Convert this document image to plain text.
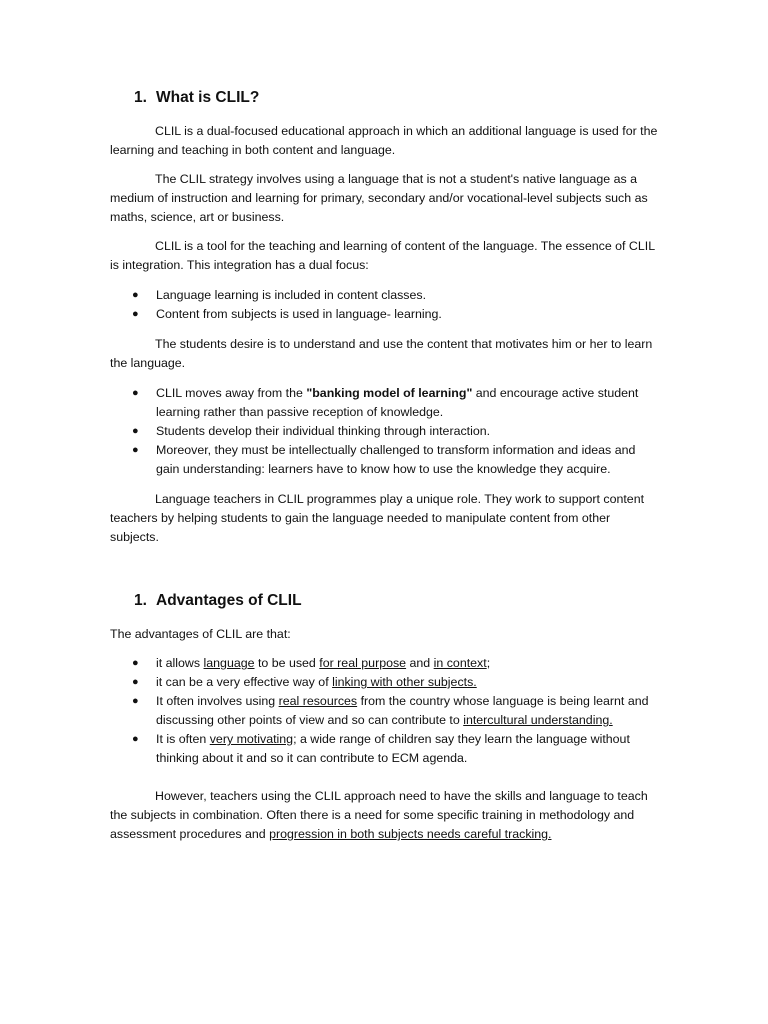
1. What is CLIL?

CLIL is a dual-focused educational approach in which an additional language is used for the learning and teaching in both content and language.

The CLIL strategy involves using a language that is not a student's native language as a medium of instruction and learning for primary, secondary and/or vocational-level subjects such as maths, science, art or business.

CLIL is a tool for the teaching and learning of content of the language. The essence of CLIL is integration. This integration has a dual focus:

● Language learning is included in content classes.
● Content from subjects is used in language- learning.

The students desire is to understand and use the content that motivates him or her to learn the language.

● CLIL moves away from the "banking model of learning" and encourage active student learning rather than passive reception of knowledge.
● Students develop their individual thinking through interaction.
● Moreover, they must be intellectually challenged to transform information and ideas and gain understanding: learners have to know how to use the knowledge they acquire.

Language teachers in CLIL programmes play a unique role. They work to support content teachers by helping students to gain the language needed to manipulate content from other subjects.

1. Advantages of CLIL

The advantages of CLIL are that:

● it allows language to be used for real purpose and in context;
● it can be a very effective way of linking with other subjects.
● It often involves using real resources from the country whose language is being learnt and discussing other points of view and so can contribute to intercultural understanding.
● It is often very motivating; a wide range of children say they learn the language without thinking about it and so it can contribute to ECM agenda.

However, teachers using the CLIL approach need to have the skills and language to teach the subjects in combination. Often there is a need for some specific training in methodology and assessment procedures and progression in both subjects needs careful tracking.
